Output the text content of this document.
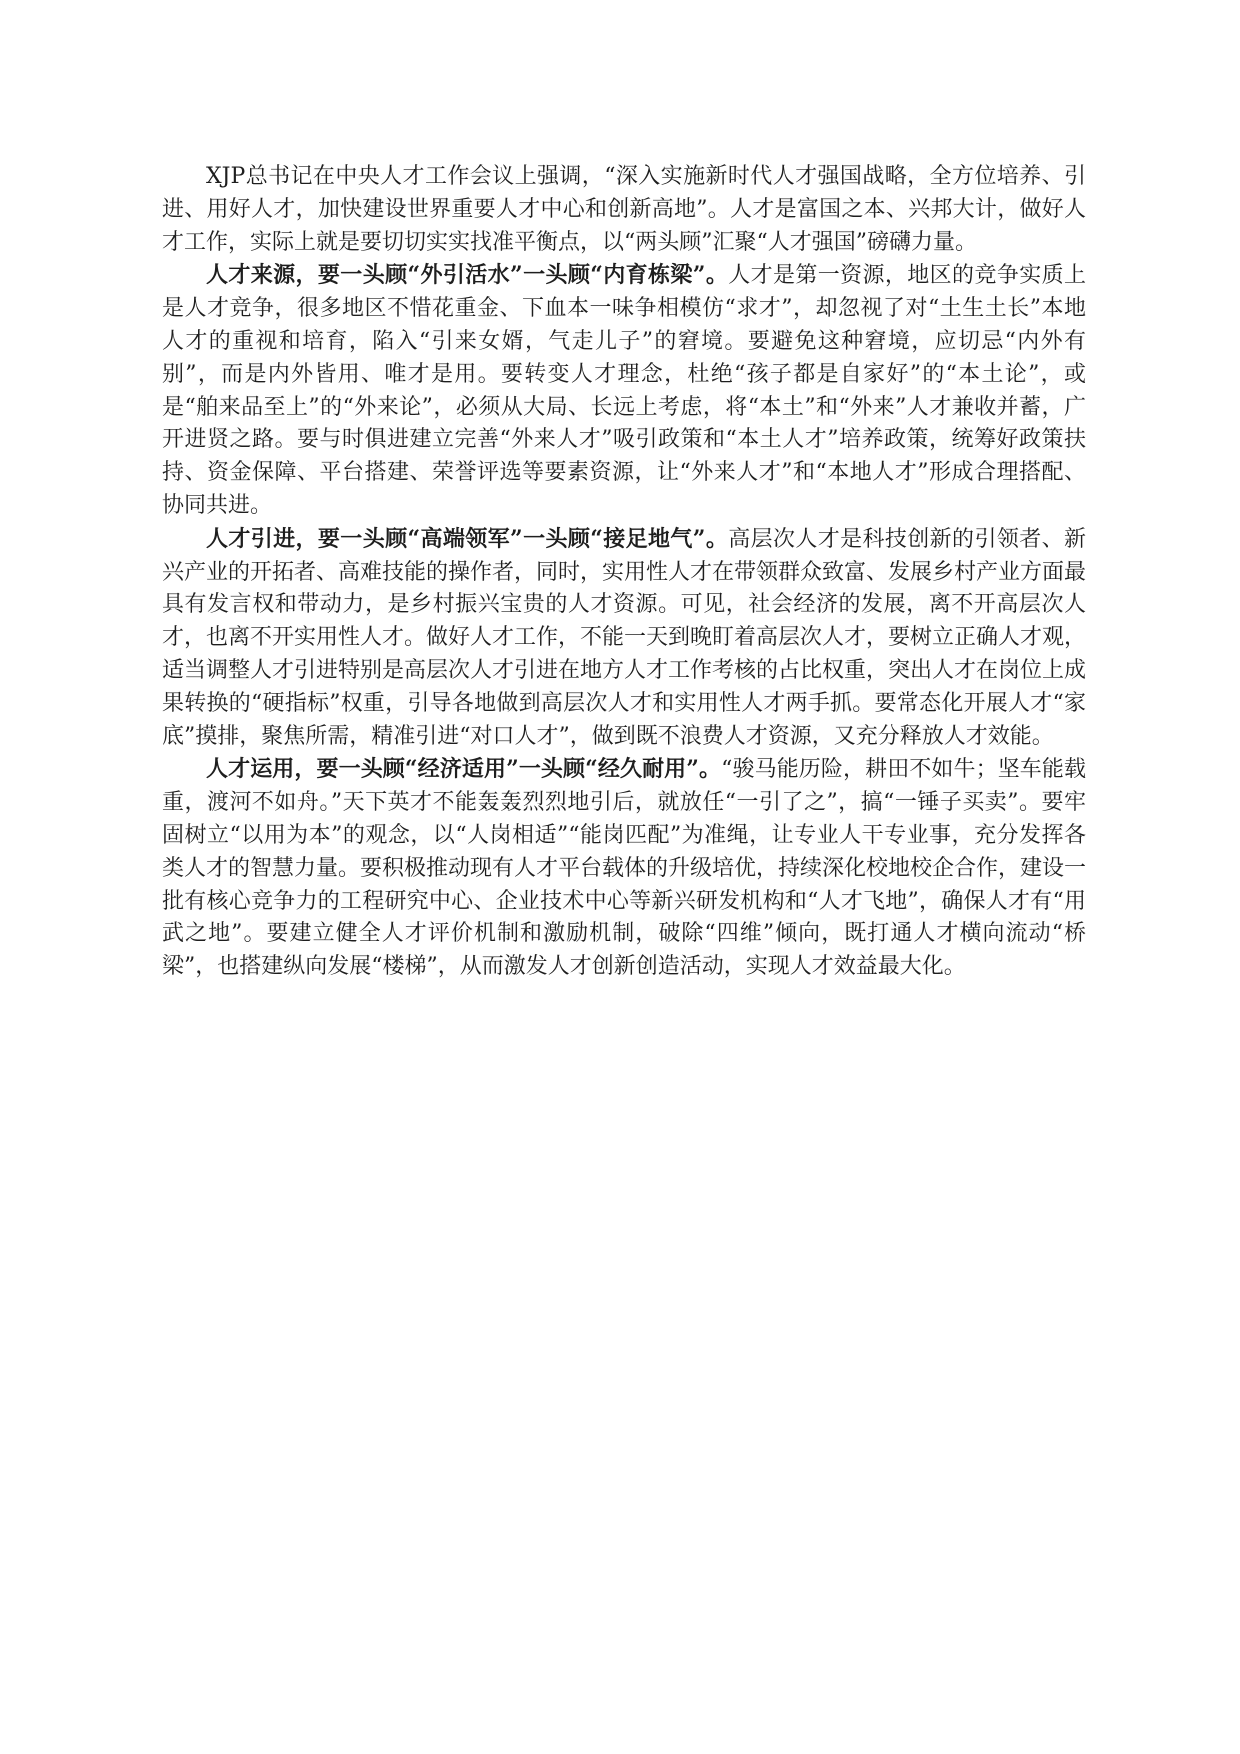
XJP总书记在中央人才工作会议上强调，“深入实施新时代人才强国战略，全方位培养、引进、用好人才，加快建设世界重要人才中心和创新高地”。人才是富国之本、兴邦大计，做好人才工作，实际上就是要切切实实找准平衡点，以“两头顾”汇聚“人才强国”磅礴力量。

人才来源，要一头顾“外引活水”一头顾“内育栋梁”。人才是第一资源，地区的竞争实质上是人才竞争，很多地区不惜花重金、下血本一味争相模仿“求才”，却忽视了对“土生土长”本地人才的重视和培育，陷入“引来女婿，气走儿子”的窘境。要避免这种窘境，应切忌“内外有别”，而是内外皆用、唯才是用。要转变人才理念，杜绝“孩子都是自家好”的“本土论”，或是“舶来品至上”的“外来论”，必须从大局、长远上考虑，将“本土”和“外来”人才兼收并蓄，广开进贤之路。要与时俱进建立完善“外来人才”吸引政策和“本土人才”培养政策，统筹好政策扶持、资金保障、平台搭建、荣誉评选等要素资源，让“外来人才”和“本地人才”形成合理搭配、协同共进。

人才引进，要一头顾“高端领军”一头顾“接足地气”。高层次人才是科技创新的引领者、新兴产业的开拓者、高难技能的操作者，同时，实用性人才在带领群众致富、发展乡村产业方面最具有发言权和带动力，是乡村振兴宝贵的人才资源。可见，社会经济的发展，离不开高层次人才，也离不开实用性人才。做好人才工作，不能一天到晚盯着高层次人才，要树立正确人才观，适当调整人才引进特别是高层次人才引进在地方人才工作考核的占比权重，突出人才在岗位上成果转换的“硬指标”权重，引导各地做到高层次人才和实用性人才两手抓。要常态化开展人才“家底”摸排，聚焦所需，精准引进“对口人才”，做到既不浪费人才资源，又充分释放人才效能。

人才运用，要一头顾“经济适用”一头顾“经久耐用”。“骏马能历险，耕田不如牛；坚车能载重，渡河不如舟。”天下英才不能轰轰烈烈地引后，就放任“一引了之”，搞“一锤子买卖”。要牢固树立“以用为本”的观念，以“人岗相适”“能岗匹配”为准绳，让专业人干专业事，充分发挥各类人才的智慧力量。要积极推动现有人才平台载体的升级培优，持续深化校地校企合作，建设一批有核心竞争力的工程研究中心、企业技术中心等新兴研发机构和“人才飞地”，确保人才有“用武之地”。要建立健全人才评价机制和激励机制，破除“四维”倾向，既打通人才横向流动“桥梁”，也搭建纵向发展“楼梯”，从而激发人才创新创造活动，实现人才效益最大化。
